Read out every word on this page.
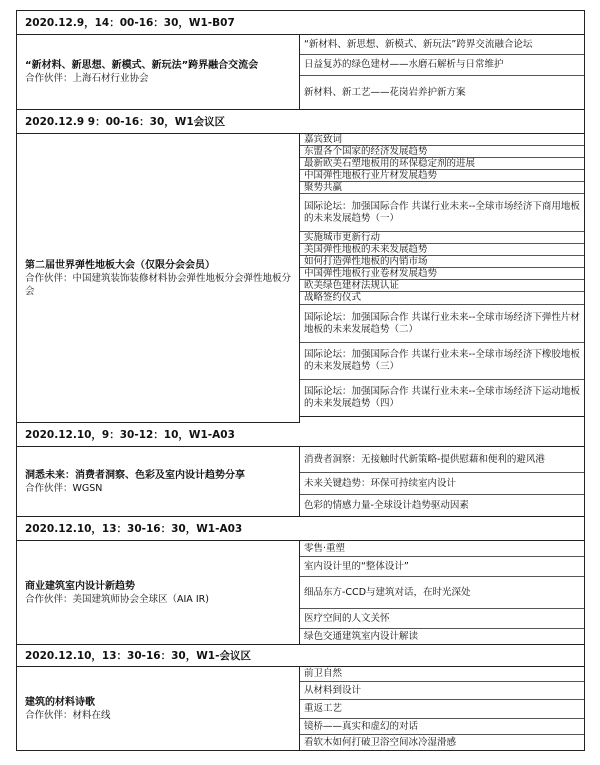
2020.12.9，14：00-16：30，W1-B07
“新材料、新思想、新模式、新玩法”跨界融合交流会
合作伙伴：上海石材行业协会
“新材料、新思想、新模式、新玩法”跨界交流融合论坛
日益复苏的绿色建材——水磨石解析与日常维护
新材料、新工艺——花岗岩养护新方案
2020.12.9 9：00-16：30，W1会议区
第二届世界弹性地板大会（仅限分会会员）
合作伙伴：中国建筑装饰装修材料协会弹性地板分会弹性地板分会
嘉宾致词
东盟各个国家的经济发展趋势
最新欧美石塑地板用的环保稳定剂的进展
中国弹性地板行业片材发展趋势
聚势共赢
国际论坛：加强国际合作 共谋行业未来--全球市场经济下商用地板的未来发展趋势（一）
实施城市更新行动
美国弹性地板的未来发展趋势
如何打造弹性地板的内销市场
中国弹性地板行业卷材发展趋势
欧美绿色建材法规认证
战略签约仪式
国际论坛：加强国际合作 共谋行业未来--全球市场经济下弹性片材地板的未来发展趋势（二）
国际论坛：加强国际合作 共谋行业未来--全球市场经济下橡胶地板的未来发展趋势（三）
国际论坛：加强国际合作 共谋行业未来--全球市场经济下运动地板的未来发展趋势（四）
2020.12.10，9：30-12：10，W1-A03
洞悉未来：消费者洞察、色彩及室内设计趋势分享
合作伙伴：WGSN
消费者洞察：无接触时代新策略-提供慰藉和便利的避风港
未来关键趋势：环保可持续室内设计
色彩的情感力量-全球设计趋势驱动因素
2020.12.10，13：30-16：30，W1-A03
商业建筑室内设计新趋势
合作伙伴：美国建筑师协会全球区（AIA IR)
零售·重塑
室内设计里的“整体设计”
细品东方-CCD与建筑对话，在时光深处
医疗空间的人文关怀
绿色交通建筑室内设计解读
2020.12.10，13：30-16：30，W1-会议区
建筑的材料诗歌
合作伙伴：材料在线
前卫自然
从材料到设计
重返工艺
镜桥——真实和虚幻的对话
看软木如何打破卫浴空间冰冷湿滑感
